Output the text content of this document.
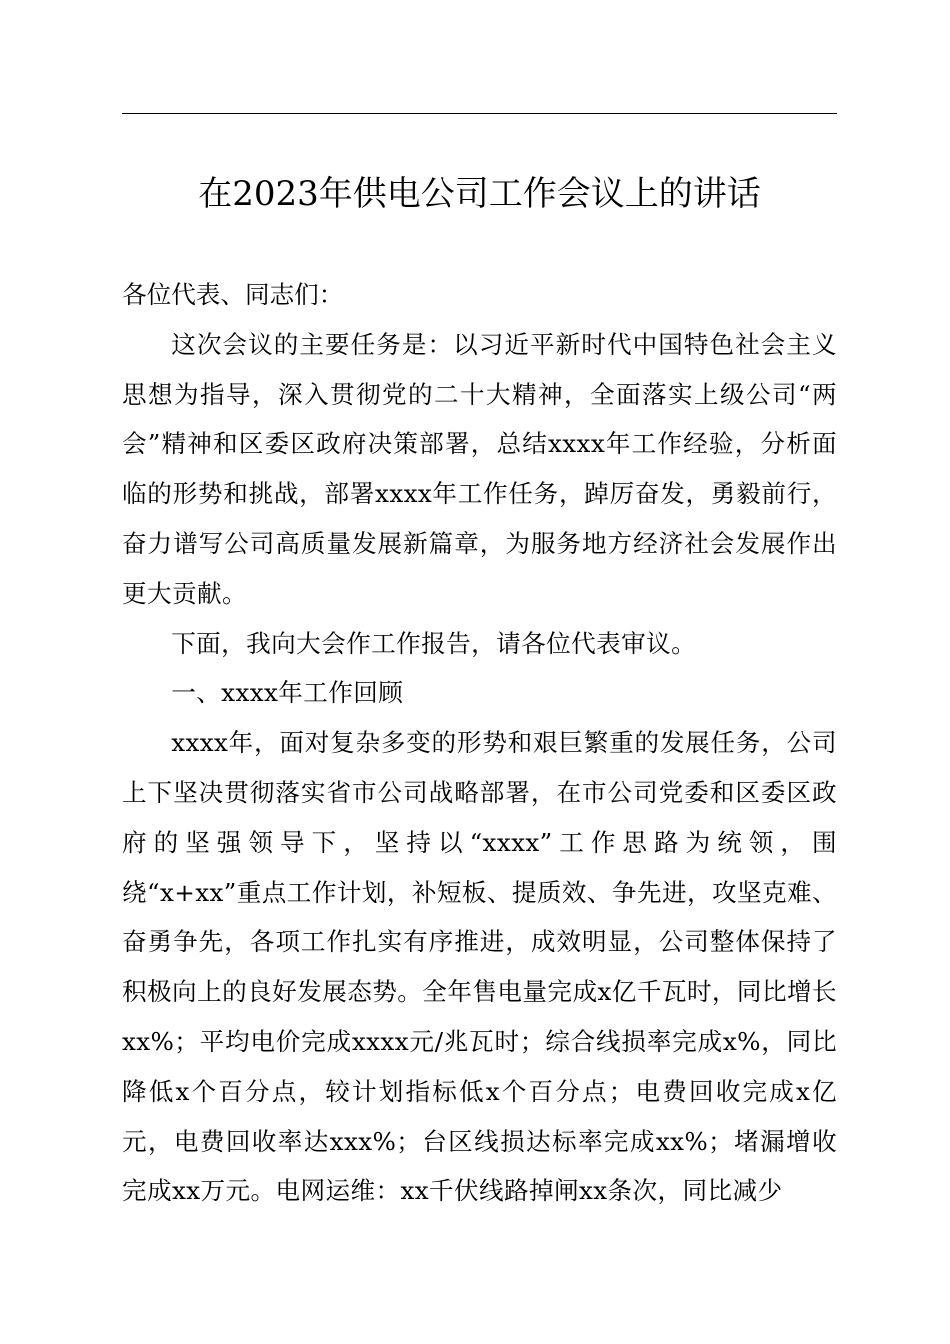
在2023年供电公司工作会议上的讲话

各位代表、同志们：

这次会议的主要任务是：以习近平新时代中国特色社会主义思想为指导，深入贯彻党的二十大精神，全面落实上级公司“两会”精神和区委区政府决策部署，总结xxxx年工作经验，分析面临的形势和挑战，部署xxxx年工作任务，踔厉奋发，勇毅前行，奋力谱写公司高质量发展新篇章，为服务地方经济社会发展作出更大贡献。

下面，我向大会作工作报告，请各位代表审议。

一、xxxx年工作回顾

xxxx年，面对复杂多变的形势和艰巨繁重的发展任务，公司上下坚决贯彻落实省市公司战略部署，在市公司党委和区委区政府的坚强领导下，坚持以“xxxx”工作思路为统领，围绕“x+xx”重点工作计划，补短板、提质效、争先进，攻坚克难、奋勇争先，各项工作扎实有序推进，成效明显，公司整体保持了积极向上的良好发展态势。全年售电量完成x亿千瓦时，同比增长xx%；平均电价完成xxxx元/兆瓦时；综合线损率完成x%，同比降低x个百分点，较计划指标低x个百分点；电费回收完成x亿元，电费回收率达xxx%；台区线损达标率完成xx%；堵漏增收完成xx万元。电网运维：xx千伏线路掉闸xx条次，同比减少
